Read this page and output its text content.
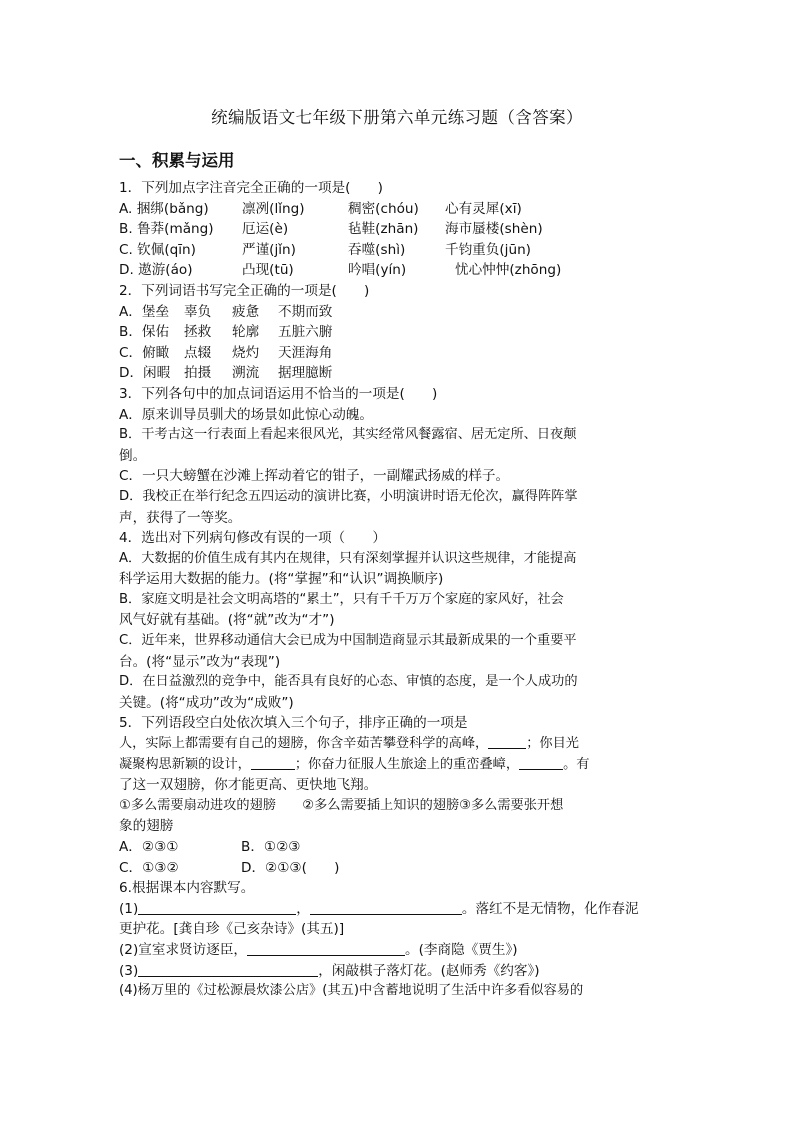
统编版语文七年级下册第六单元练习题（含答案）
一、积累与运用
1．下列加点字注音完全正确的一项是(　　)
A. 捆绑(bǎng) 凛冽(lǐng)	稠密(chóu) 心有灵犀(xī)
B. 鲁莽(mǎng) 厄运(è)	毡鞋(zhān) 海市蜃楼(shèn)
C. 钦佩(qīn)	严谨(jǐn)	吞噬(shì)	千钧重负(jūn)
D. 遨游(áo)	凸现(tū)	吟唱(yín)	忧心忡忡(zhōng)
2．下列词语书写完全正确的一项是(　　)
A．堡垒 辜负 疲惫 不期而致
B．保佑 拯救 轮廓 五脏六腑
C．俯瞰 点辍 烧灼 天涯海角
D．闲暇 拍摄 溯流 据理臆断
3．下列各句中的加点词语运用不恰当的一项是(　　)
A．原来训导员驯犬的场景如此惊心动魄。
B．干考古这一行表面上看起来很风光，其实经常风餐露宿、居无定所、日夜颠
倒。
C．一只大螃蟹在沙滩上挥动着它的钳子，一副耀武扬威的样子。
D．我校正在举行纪念五四运动的演讲比赛，小明演讲时语无伦次，赢得阵阵掌
声，获得了一等奖。
4．选出对下列病句修改有误的一项（　　）
A．大数据的价值生成有其内在规律，只有深刻掌握并认识这些规律，才能提高
科学运用大数据的能力。(将“掌握”和“认识”调换顺序)
B．家庭文明是社会文明高塔的“累土”，只有千千万万个家庭的家风好，社会
风气好就有基础。(将“就”改为“才”)
C．近年来，世界移动通信大会已成为中国制造商显示其最新成果的一个重要平
台。(将“显示”改为“表现”)
D．在日益激烈的竞争中，能否具有良好的心态、审慎的态度，是一个人成功的
关键。(将“成功”改为“成败”)
5．下列语段空白处依次填入三个句子，排序正确的一项是
人，实际上都需要有自己的翅膀，你含辛茹苦攀登科学的高峰，	；你目光
凝聚构思新颖的设计，	；你奋力征服人生旅途上的重峦叠嶂，	。有
了这一双翅膀，你才能更高、更快地飞翔。
①多么需要扇动进攻的翅膀　　②多么需要插上知识的翅膀③多么需要张开想
象的翅膀
A．②③①	B．①②③
C．①③②	D．②①③(　　)
6.根据课本内容默写。
(1)	，	。落红不是无情物，化作春泥
更护花。[龚自珍《己亥杂诗》(其五)]
(2)宣室求贤访逐臣，	。(李商隐《贾生》)
(3)	，闲敲棋子落灯花。(赵师秀《约客》)
(4)杨万里的《过松源晨炊漆公店》(其五)中含蓄地说明了生活中许多看似容易的
